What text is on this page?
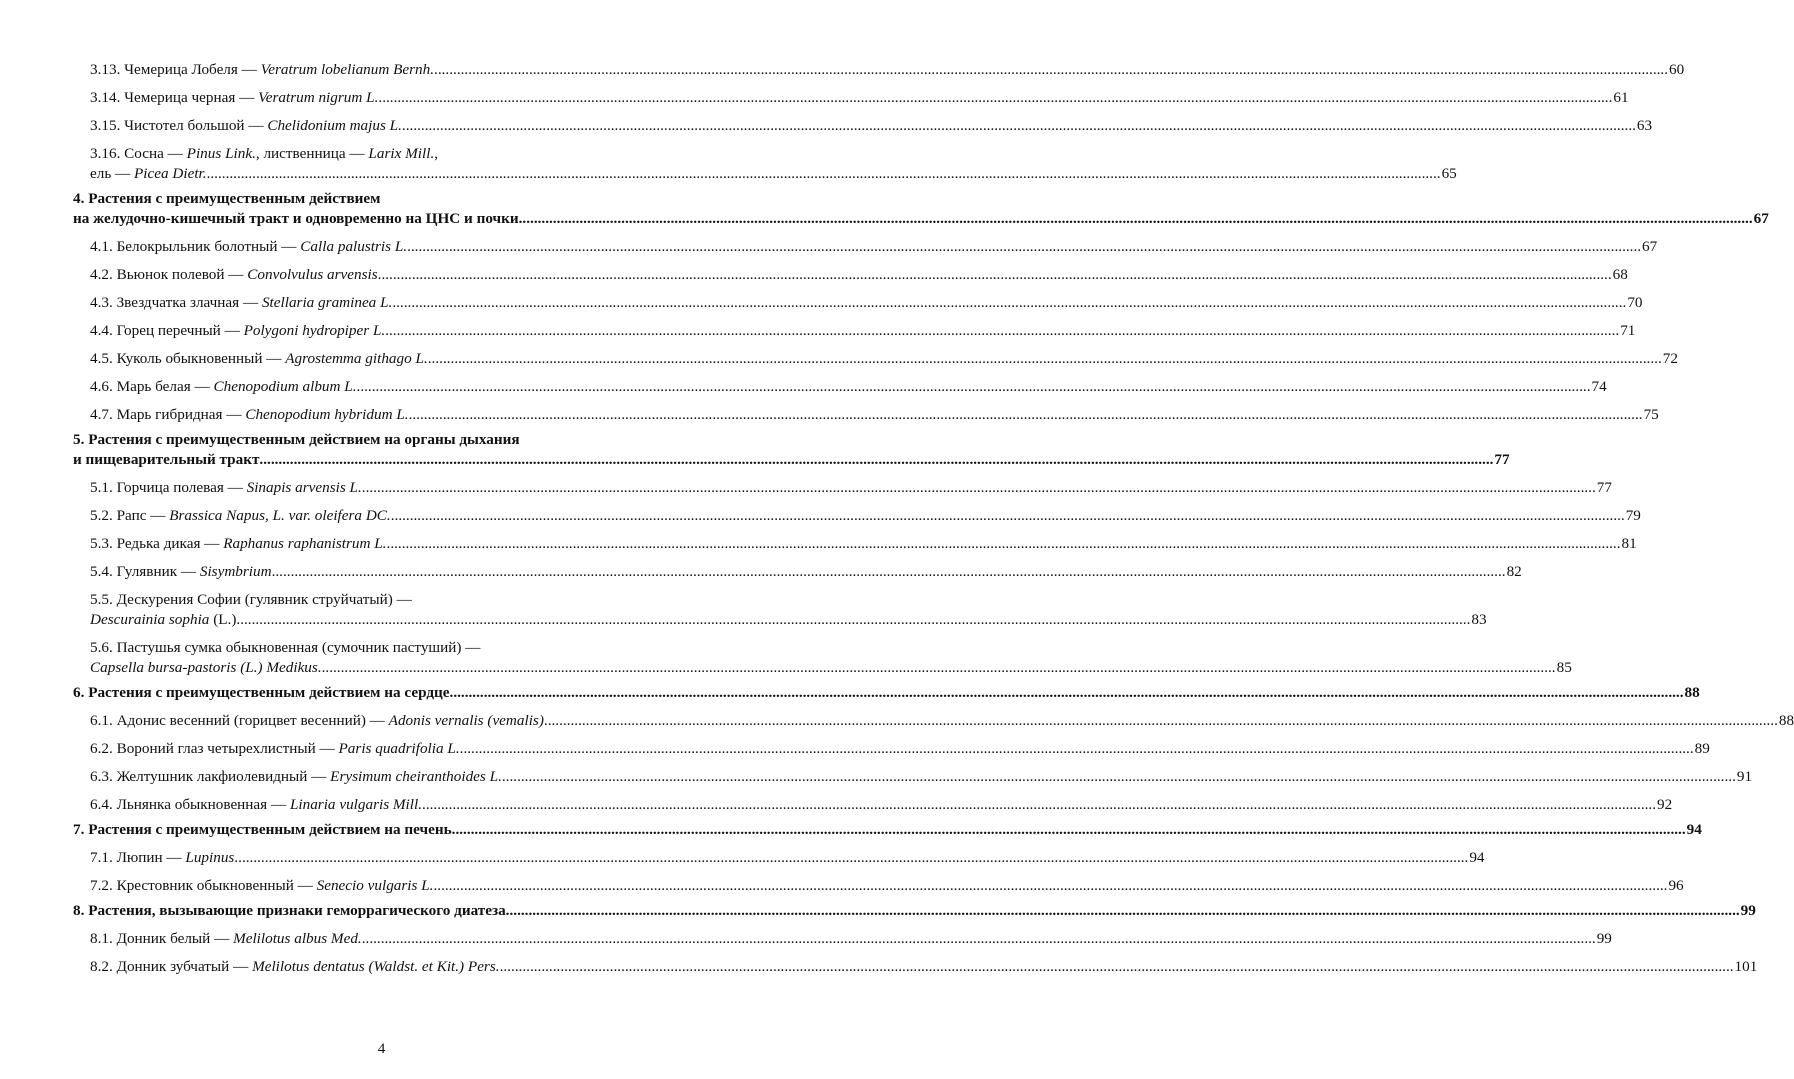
3.13. Чемерица Лобеля — Veratrum lobelianum Bernh. .....	60
3.14. Чемерица черная — Veratrum nigrum L. .....	61
3.15. Чистотел большой — Chelidonium majus L. .....	63
3.16. Сосна — Pinus Link., лиственница — Larix Mill.,
ель — Picea Dietr. .....	65
4. Растения с преимущественным действием
на желудочно-кишечный тракт и одновременно на ЦНС и почки .....	67
4.1. Белокрыльник болотный — Calla palustris L. .....	67
4.2. Вьюнок полевой — Convolvulus arvensis .....	68
4.3. Звездчатка злачная — Stellaria graminea L. .....	70
4.4. Горец перечный — Polygoni hydropiper L. .....	71
4.5. Куколь обыкновенный — Agrostemma githago L. .....	72
4.6. Марь белая — Chenopodium album L. .....	74
4.7. Марь гибридная — Chenopodium hybridum L. .....	75
5. Растения с преимущественным действием на органы дыхания
и пищеварительный тракт .....	77
5.1. Горчица полевая — Sinapis arvensis L. .....	77
5.2. Рапс — Brassica Napus, L. var. oleifera DC. .....	79
5.3. Редька дикая — Raphanus raphanistrum L. .....	81
5.4. Гулявник — Sisymbrium .....	82
5.5. Дескурения Софии (гулявник струйчатый) —
Descurainia sophia (L.) .....	83
5.6. Пастушья сумка обыкновенная (сумочник пастуший) —
Capsella bursa-pastoris (L.) Medikus. .....	85
6. Растения с преимущественным действием на сердце .....	88
6.1. Адонис весенний (горицвет весенний) — Adonis vernalis (vemalis) .....	88
6.2. Вороний глаз четырехлистный — Paris quadrifolia L. .....	89
6.3. Желтушник лакфиолевидный — Erysimum cheiranthoides L. .....	91
6.4. Льнянка обыкновенная — Linaria vulgaris Mill. .....	92
7. Растения с преимущественным действием на печень .....	94
7.1. Люпин — Lupinus .....	94
7.2. Крестовник обыкновенный — Senecio vulgaris L. .....	96
8. Растения, вызывающие признаки геморрагического диатеза .....	99
8.1. Донник белый — Melilotus albus Med. .....	99
8.2. Донник зубчатый — Melilotus dentatus (Waldst. et Kit.) Pers. .....	101
4
